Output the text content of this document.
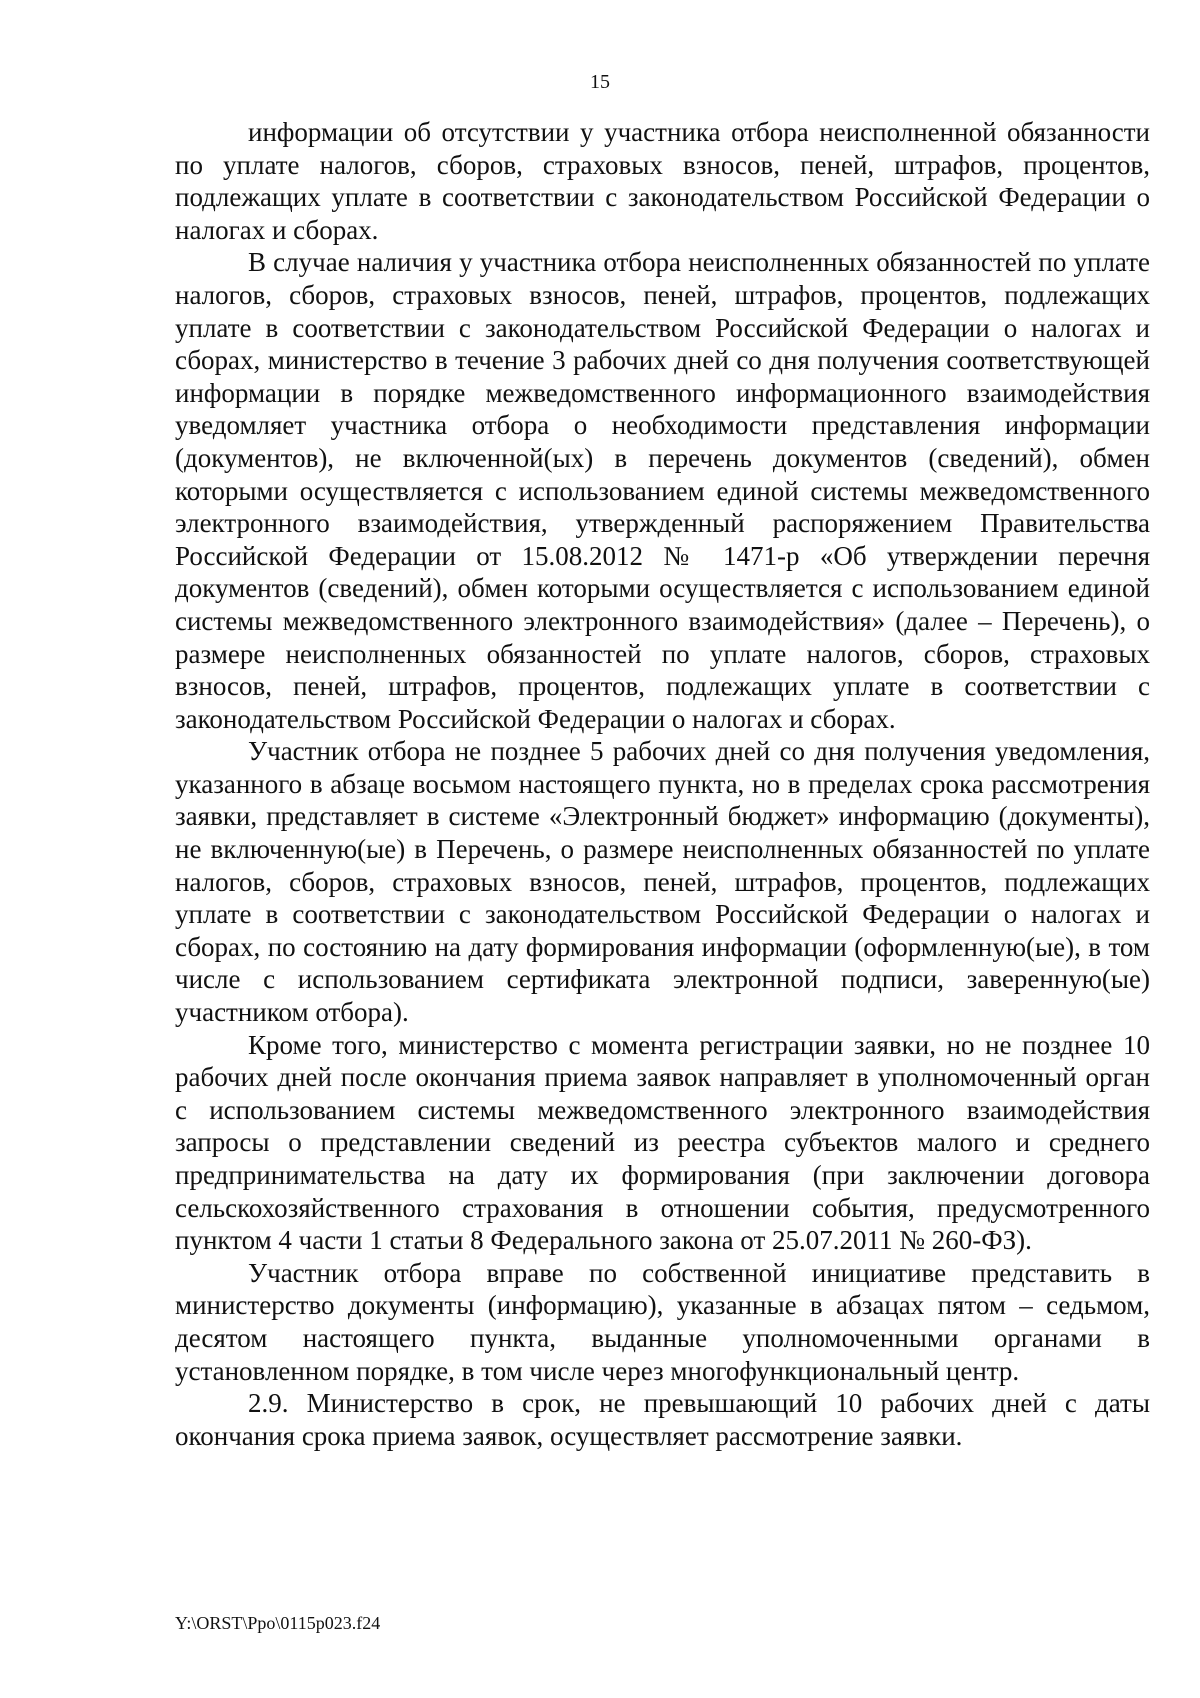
15

информации об отсутствии у участника отбора неисполненной обязанности по уплате налогов, сборов, страховых взносов, пеней, штрафов, процентов, подлежащих уплате в соответствии с законодательством Российской Федерации о налогах и сборах.

В случае наличия у участника отбора неисполненных обязанностей по уплате налогов, сборов, страховых взносов, пеней, штрафов, процентов, подлежащих уплате в соответствии с законодательством Российской Федерации о налогах и сборах, министерство в течение 3 рабочих дней со дня получения соответствующей информации в порядке межведомственного информационного взаимодействия уведомляет участника отбора о необходимости представления информации (документов), не включенной(ых) в перечень документов (сведений), обмен которыми осуществляется с использованием единой системы межведомственного электронного взаимодействия, утвержденный распоряжением Правительства Российской Федерации от 15.08.2012 № 1471-р «Об утверждении перечня документов (сведений), обмен которыми осуществляется с использованием единой системы межведомственного электронного взаимодействия» (далее – Перечень), о размере неисполненных обязанностей по уплате налогов, сборов, страховых взносов, пеней, штрафов, процентов, подлежащих уплате в соответствии с законодательством Российской Федерации о налогах и сборах.

Участник отбора не позднее 5 рабочих дней со дня получения уведомления, указанного в абзаце восьмом настоящего пункта, но в пределах срока рассмотрения заявки, представляет в системе «Электронный бюджет» информацию (документы), не включенную(ые) в Перечень, о размере неисполненных обязанностей по уплате налогов, сборов, страховых взносов, пеней, штрафов, процентов, подлежащих уплате в соответствии с законодательством Российской Федерации о налогах и сборах, по состоянию на дату формирования информации (оформленную(ые), в том числе с использованием сертификата электронной подписи, заверенную(ые) участником отбора).

Кроме того, министерство с момента регистрации заявки, но не позднее 10 рабочих дней после окончания приема заявок направляет в уполномоченный орган с использованием системы межведомственного электронного взаимодействия запросы о представлении сведений из реестра субъектов малого и среднего предпринимательства на дату их формирования (при заключении договора сельскохозяйственного страхования в отношении события, предусмотренного пунктом 4 части 1 статьи 8 Федерального закона от 25.07.2011 № 260-ФЗ).

Участник отбора вправе по собственной инициативе представить в министерство документы (информацию), указанные в абзацах пятом – седьмом, десятом настоящего пункта, выданные уполномоченными органами в установленном порядке, в том числе через многофункциональный центр.

2.9. Министерство в срок, не превышающий 10 рабочих дней с даты окончания срока приема заявок, осуществляет рассмотрение заявки.

Y:\ORST\Ppo\0115p023.f24
